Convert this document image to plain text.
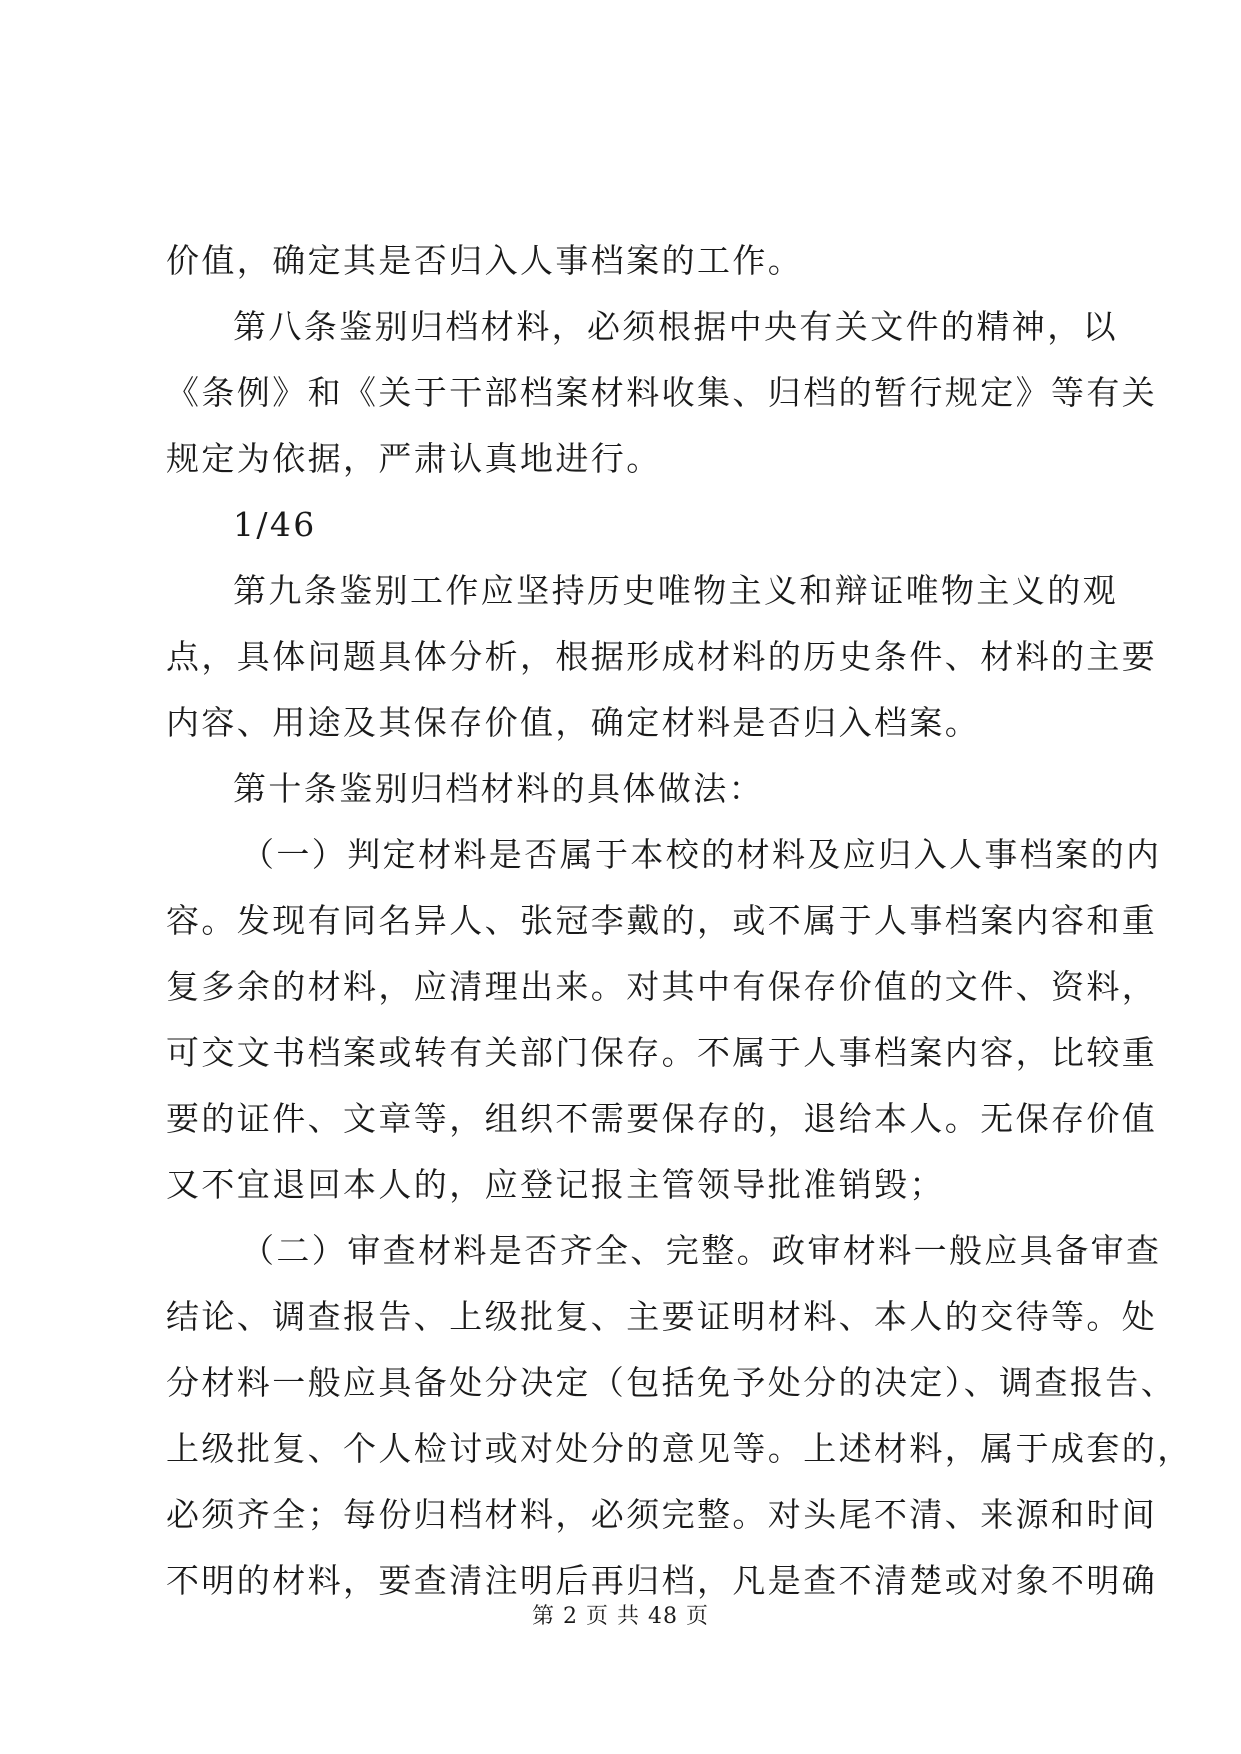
价值，确定其是否归入人事档案的工作。
第八条鉴别归档材料，必须根据中央有关文件的精神，以
《条例》和《关于干部档案材料收集、归档的暂行规定》等有关
规定为依据，严肃认真地进行。
1/46
第九条鉴别工作应坚持历史唯物主义和辩证唯物主义的观
点，具体问题具体分析，根据形成材料的历史条件、材料的主要
内容、用途及其保存价值，确定材料是否归入档案。
第十条鉴别归档材料的具体做法：
（一）判定材料是否属于本校的材料及应归入人事档案的内
容。发现有同名异人、张冠李戴的，或不属于人事档案内容和重
复多余的材料，应清理出来。对其中有保存价值的文件、资料，
可交文书档案或转有关部门保存。不属于人事档案内容，比较重
要的证件、文章等，组织不需要保存的，退给本人。无保存价值
又不宜退回本人的，应登记报主管领导批准销毁；
（二）审查材料是否齐全、完整。政审材料一般应具备审查
结论、调查报告、上级批复、主要证明材料、本人的交待等。处
分材料一般应具备处分决定（包括免予处分的决定）、调查报告、
上级批复、个人检讨或对处分的意见等。上述材料，属于成套的，
必须齐全；每份归档材料，必须完整。对头尾不清、来源和时间
不明的材料，要查清注明后再归档，凡是查不清楚或对象不明确
第 2 页 共 48 页
